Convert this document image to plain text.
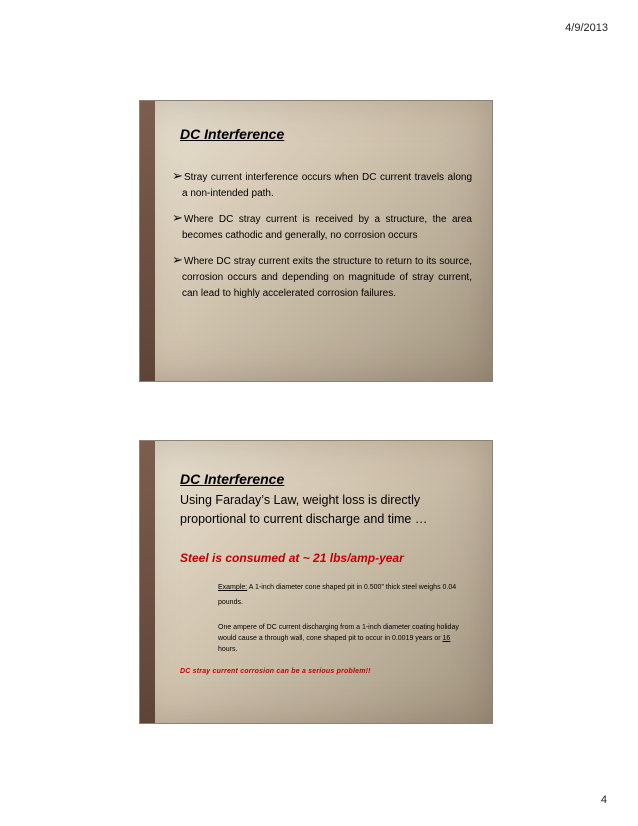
4/9/2013
DC Interference
➢Stray current interference occurs when DC current travels along a non-intended path.
➢Where DC stray current is received by a structure, the area becomes cathodic and generally, no corrosion occurs
➢Where DC stray current exits the structure to return to its source, corrosion occurs and depending on magnitude of stray current, can lead to highly accelerated corrosion failures.
DC Interference
Using Faraday’s Law, weight loss is directly proportional to current discharge and time …
Steel is consumed at ~ 21 lbs/amp-year
Example: A 1-inch diameter cone shaped pit in 0.500” thick steel weighs 0.04 pounds.
One ampere of DC current discharging from a 1-inch diameter coating holiday would cause a through wall, cone shaped pit to occur in 0.0019 years or 16 hours.
DC stray current corrosion can be a serious problem!!
4
